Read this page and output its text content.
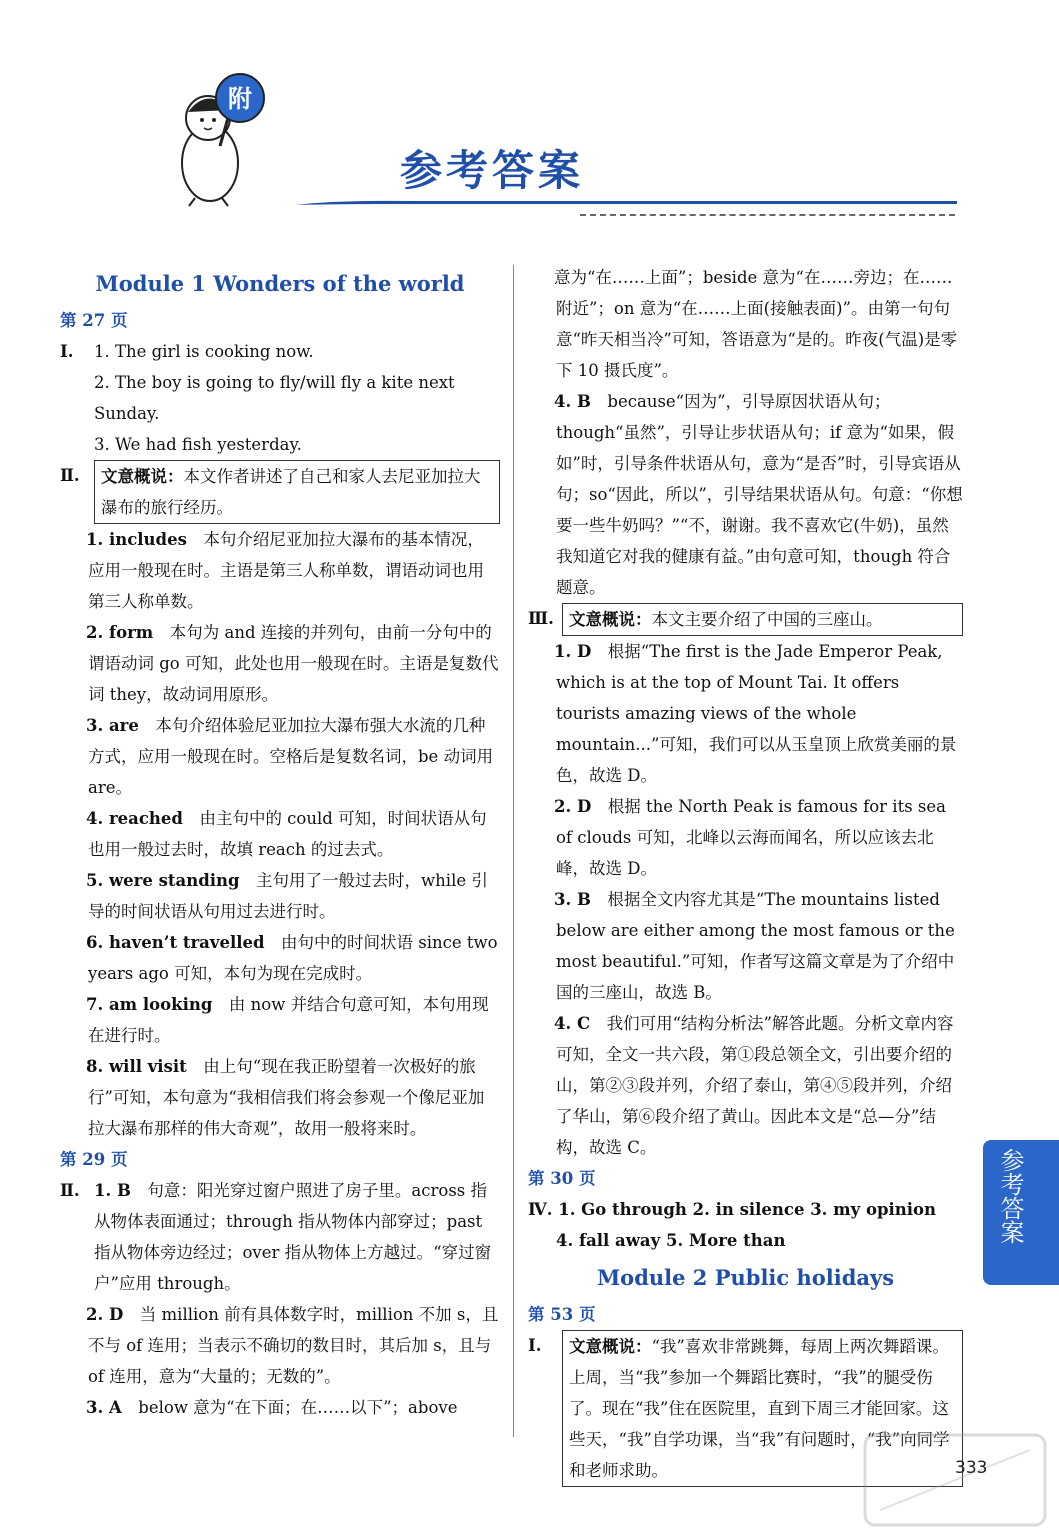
附
参考答案
Module 1 Wonders of the world
第 27 页
Ⅰ.	1. The girl is cooking now.
2. The boy is going to fly/will fly a kite next Sunday.
3. We had fish yesterday.
Ⅱ.	文意概说：本文作者讲述了自己和家人去尼亚加拉大瀑布的旅行经历。
1. includes　 本句介绍尼亚加拉大瀑布的基本情况，应用一般现在时。主语是第三人称单数，谓语动词也用第三人称单数。
2. form　 本句为 and 连接的并列句，由前一分句中的谓语动词 go 可知，此处也用一般现在时。主语是复数代词 they，故动词用原形。
3. are　 本句介绍体验尼亚加拉大瀑布强大水流的几种方式，应用一般现在时。空格后是复数名词，be 动词用 are。
4. reached　 由主句中的 could 可知，时间状语从句也用一般过去时，故填 reach 的过去式。
5. were standing　 主句用了一般过去时，while 引导的时间状语从句用过去进行时。
6. haven’t travelled　 由句中的时间状语 since two years ago 可知，本句为现在完成时。
7. am looking　 由 now 并结合句意可知，本句用现在进行时。
8. will visit　 由上句“现在我正盼望着一次极好的旅行”可知，本句意为“我相信我们将会参观一个像尼亚加拉大瀑布那样的伟大奇观”，故用一般将来时。
第 29 页
Ⅱ. 1. B　 句意：阳光穿过窗户照进了房子里。across 指从物体表面通过；through 指从物体内部穿过；past 指从物体旁边经过；over 指从物体上方越过。“穿过窗户”应用 through。
2. D　 当 million 前有具体数字时，million 不加 s，且不与 of 连用；当表示不确切的数目时，其后加 s，且与 of 连用，意为“大量的；无数的”。
3. A　 below 意为“在下面；在……以下”；above
意为“在……上面”；beside 意为“在……旁边；在……附近”；on 意为“在……上面(接触表面)”。由第一句句意“昨天相当冷”可知，答语意为“是的。昨夜(气温)是零下 10 摄氏度”。
4. B　 because“因为”，引导原因状语从句；though“虽然”，引导让步状语从句；if 意为“如果，假如”时，引导条件状语从句，意为“是否”时，引导宾语从句；so“因此，所以”，引导结果状语从句。句意：“你想要一些牛奶吗？”“不，谢谢。我不喜欢它(牛奶)，虽然我知道它对我的健康有益。”由句意可知，though 符合题意。
Ⅲ. 文意概说：本文主要介绍了中国的三座山。
1. D　 根据“The first is the Jade Emperor Peak, which is at the top of Mount Tai. It offers tourists amazing views of the whole mountain...”可知，我们可以从玉皇顶上欣赏美丽的景色，故选 D。
2. D　 根据 the North Peak is famous for its sea of clouds 可知，北峰以云海而闻名，所以应该去北峰，故选 D。
3. B　 根据全文内容尤其是“The mountains listed below are either among the most famous or the most beautiful.”可知，作者写这篇文章是为了介绍中国的三座山，故选 B。
4. C　 我们可用“结构分析法”解答此题。分析文章内容可知，全文一共六段，第①段总领全文，引出要介绍的山，第②③段并列，介绍了泰山，第④⑤段并列，介绍了华山，第⑥段介绍了黄山。因此本文是“总—分”结构，故选 C。
第 30 页
Ⅳ. 1. Go through 2. in silence 3. my opinion
4. fall away 5. More than
Module 2 Public holidays
第 53 页
Ⅰ.	文意概说：“我”喜欢非常跳舞，每周上两次舞蹈课。上周，当“我”参加一个舞蹈比赛时，“我”的腿受伤了。现在“我”住在医院里，直到下周三才能回家。这些天，“我”自学功课，当“我”有问题时，“我”向同学和老师求助。
参考答案
333
